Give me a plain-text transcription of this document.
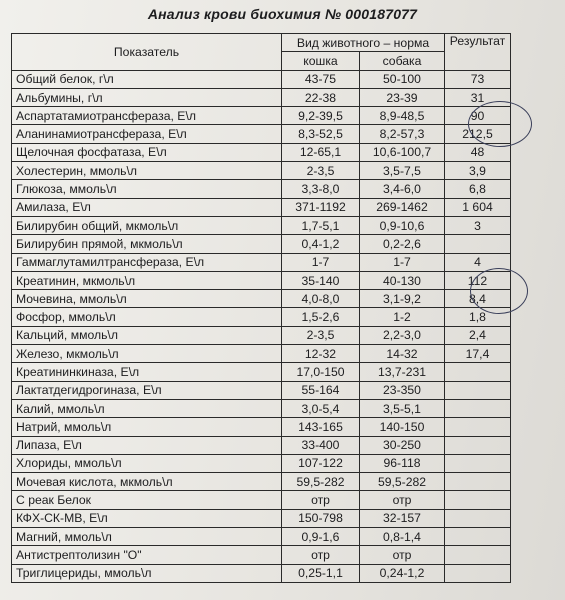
Анализ крови биохимия № 000187077
Показатель	Вид животного – норма		Результат
	кошка	собака	
Общий белок, г\л	43-75	50-100	73
Альбумины, г\л	22-38	23-39	31
Аспартатамиотрансфераза, Е\л	9,2-39,5	8,9-48,5	90
Аланинамиотрансфераза, Е\л	8,3-52,5	8,2-57,3	212,5
Щелочная фосфатаза, Е\л	12-65,1	10,6-100,7	48
Холестерин, ммоль\л	2-3,5	3,5-7,5	3,9
Глюкоза, ммоль\л	3,3-8,0	3,4-6,0	6,8
Амилаза, Е\л	371-1192	269-1462	1 604
Билирубин общий, мкмоль\л	1,7-5,1	0,9-10,6	3
Билирубин прямой, мкмоль\л	0,4-1,2	0,2-2,6	
Гаммаглутамилтрансфераза, Е\л	1-7	1-7	4
Креатинин, мкмоль\л	35-140	40-130	112
Мочевина, ммоль\л	4,0-8,0	3,1-9,2	8,4
Фосфор, ммоль\л	1,5-2,6	1-2	1,8
Кальций, ммоль\л	2-3,5	2,2-3,0	2,4
Железо, мкмоль\л	12-32	14-32	17,4
Креатининкиназа, Е\л	17,0-150	13,7-231	
Лактатдегидрогиназа, Е\л	55-164	23-350	
Калий, ммоль\л	3,0-5,4	3,5-5,1	
Натрий, ммоль\л	143-165	140-150	
Липаза, Е\л	33-400	30-250	
Хлориды, ммоль\л	107-122	96-118	
Мочевая кислота, мкмоль\л	59,5-282	59,5-282	
С реак Белок	отр	отр	
КФХ-СК-МВ, Е\л	150-798	32-157	
Магний, ммоль\л	0,9-1,6	0,8-1,4	
Антистрептолизин "О"	отр	отр	
Триглицериды, ммоль\л	0,25-1,1	0,24-1,2	
